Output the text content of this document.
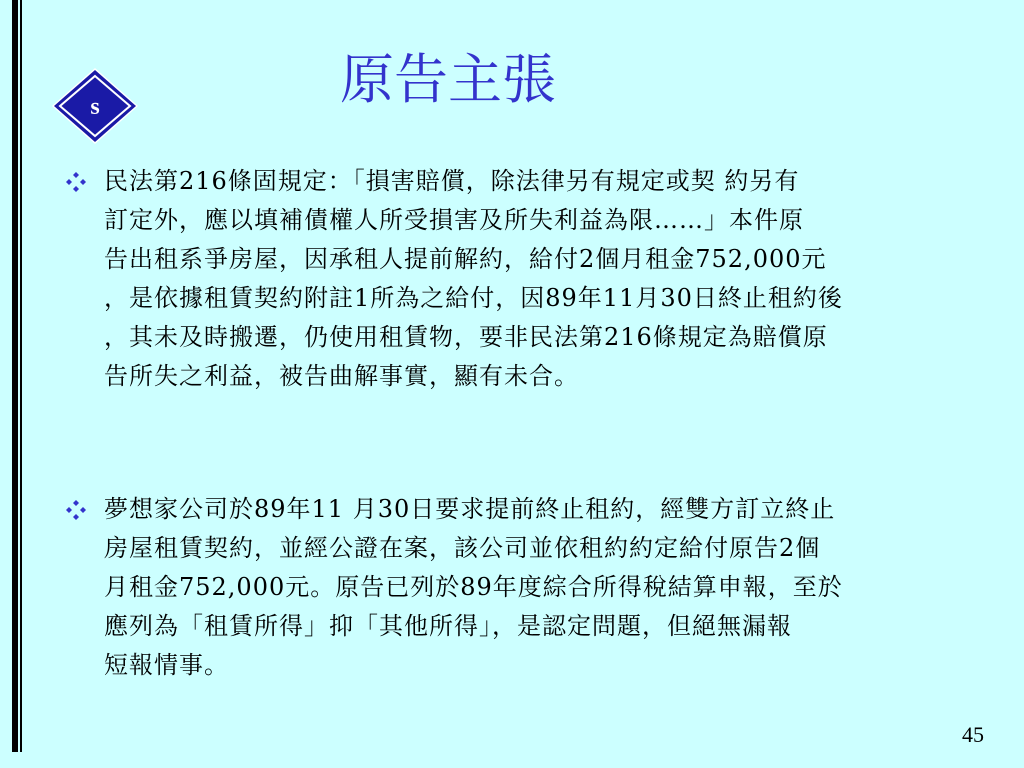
s	原告主張
民法第216條固規定：「損害賠償，除法律另有規定或契 約另有
訂定外，應以填補債權人所受損害及所失利益為限……」本件原
告出租系爭房屋，因承租人提前解約，給付2個月租金752,000元
，是依據租賃契約附註1所為之給付，因89年11月30日終止租約後
，其未及時搬遷，仍使用租賃物，要非民法第216條規定為賠償原
告所失之利益，被告曲解事實，顯有未合。
夢想家公司於89年11 月30日要求提前終止租約，經雙方訂立終止
房屋租賃契約，並經公證在案，該公司並依租約約定給付原告2個
月租金752,000元。原告已列於89年度綜合所得稅結算申報，至於
應列為「租賃所得」抑「其他所得」，是認定問題，但絕無漏報
短報情事。
45
